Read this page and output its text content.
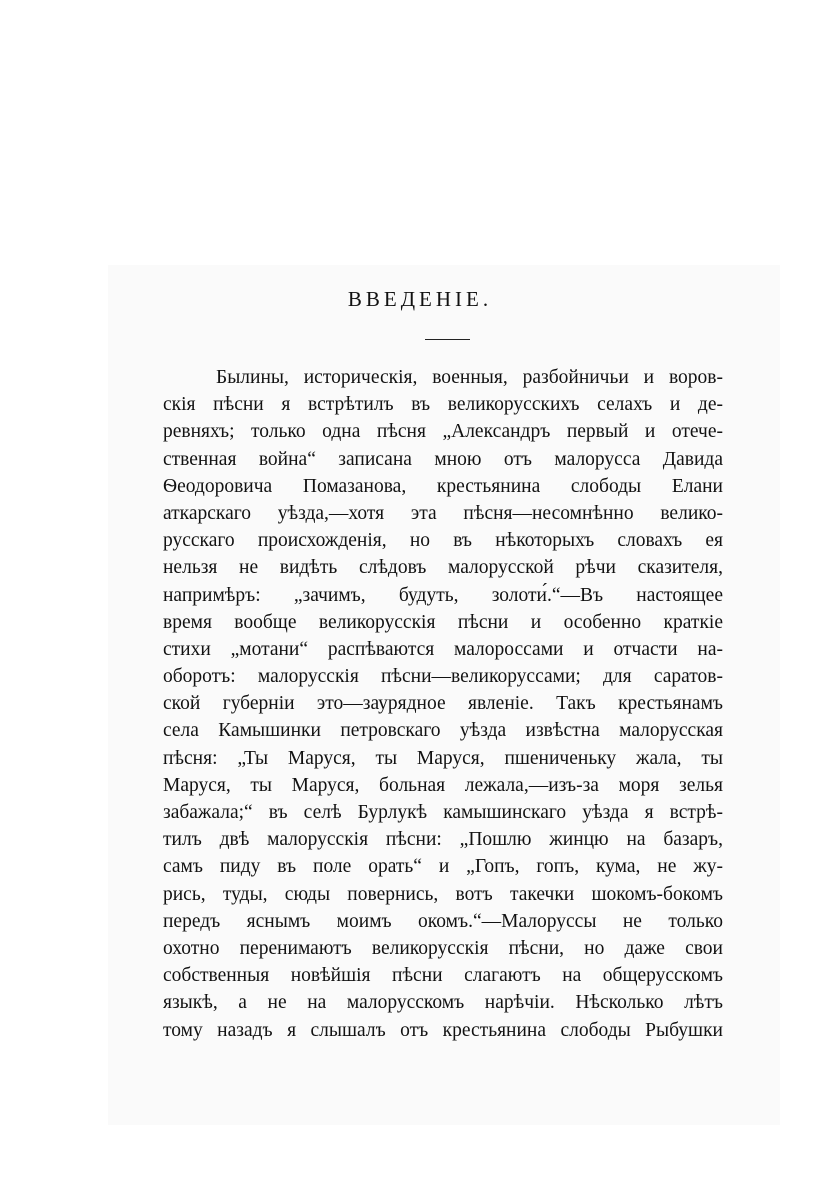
ВВЕДЕНІЕ.
Былины, историческія, военныя, разбойничьи и воров-
скія пѣсни я встрѣтилъ въ великорусскихъ селахъ и де-
ревняхъ; только одна пѣсня „Александръ первый и отече-
ственная война“ записана мною отъ малорусса Давида
Ѳеодоровича Помазанова, крестьянина слободы Елани
аткарскаго уѣзда,—хотя эта пѣсня—несомнѣнно велико-
русскаго происхожденія, но въ нѣкоторыхъ словахъ ея
нельзя не видѣть слѣдовъ малорусской рѣчи сказителя,
напримѣръ: „зачимъ, будуть, золоти́.“—Въ настоящее
время вообще великорусскія пѣсни и особенно краткіе
стихи „мотани“ распѣваются малороссами и отчасти на-
оборотъ: малорусскія пѣсни—великоруссами; для саратов-
ской губерніи это—заурядное явленіе. Такъ крестьянамъ
села Камышинки петровскаго уѣзда извѣстна малорусская
пѣсня: „Ты Маруся, ты Маруся, пшениченьку жала, ты
Маруся, ты Маруся, больная лежала,—изъ-за моря зелья
забажала;“ въ селѣ Бурлукѣ камышинскаго уѣзда я встрѣ-
тилъ двѣ малорусскія пѣсни: „Пошлю жинцю на базаръ,
самъ пиду въ поле орать“ и „Гопъ, гопъ, кума, не жу-
рись, туды, сюды повернись, вотъ такечки шокомъ-бокомъ
передъ яснымъ моимъ окомъ.“—Малоруссы не только
охотно перенимаютъ великорусскія пѣсни, но даже свои
собственныя новѣйшія пѣсни слагаютъ на общерусскомъ
языкѣ, а не на малорусскомъ нарѣчіи. Нѣсколько лѣтъ
тому назадъ я слышалъ отъ крестьянина слободы Рыбушки
